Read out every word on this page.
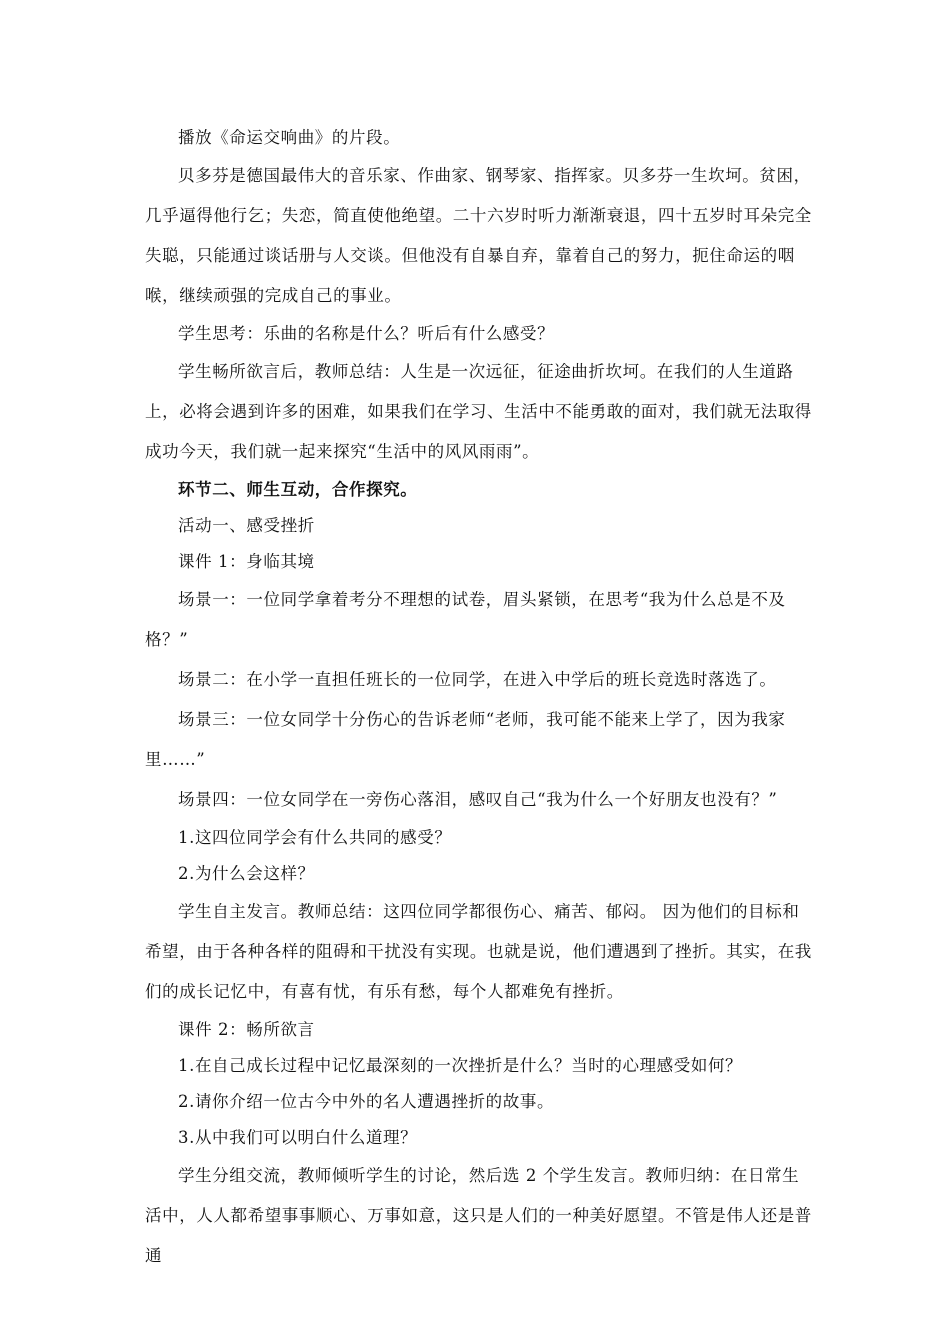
播放《命运交响曲》的片段。

贝多芬是德国最伟大的音乐家、作曲家、钢琴家、指挥家。贝多芬一生坎坷。贫困，几乎逼得他行乞；失恋，简直使他绝望。二十六岁时听力渐渐衰退，四十五岁时耳朵完全失聪，只能通过谈话册与人交谈。但他没有自暴自弃，靠着自己的努力，扼住命运的咽喉，继续顽强的完成自己的事业。

学生思考：乐曲的名称是什么？听后有什么感受？

学生畅所欲言后，教师总结：人生是一次远征，征途曲折坎坷。在我们的人生道路上，必将会遇到许多的困难，如果我们在学习、生活中不能勇敢的面对，我们就无法取得成功今天，我们就一起来探究“生活中的风风雨雨”。

环节二、师生互动，合作探究。

活动一、感受挫折

课件 1：身临其境

场景一：一位同学拿着考分不理想的试卷，眉头紧锁，在思考“我为什么总是不及格？”

场景二：在小学一直担任班长的一位同学，在进入中学后的班长竞选时落选了。

场景三：一位女同学十分伤心的告诉老师“老师，我可能不能来上学了，因为我家里……”

场景四：一位女同学在一旁伤心落泪，感叹自己“我为什么一个好朋友也没有？”

1.这四位同学会有什么共同的感受？

2.为什么会这样？

学生自主发言。教师总结：这四位同学都很伤心、痛苦、郁闷。 因为他们的目标和希望，由于各种各样的阻碍和干扰没有实现。也就是说，他们遭遇到了挫折。其实，在我们的成长记忆中，有喜有忧，有乐有愁，每个人都难免有挫折。

课件 2：畅所欲言

1.在自己成长过程中记忆最深刻的一次挫折是什么？当时的心理感受如何？

2.请你介绍一位古今中外的名人遭遇挫折的故事。

3.从中我们可以明白什么道理？

学生分组交流，教师倾听学生的讨论，然后选 2 个学生发言。教师归纳：在日常生活中，人人都希望事事顺心、万事如意，这只是人们的一种美好愿望。不管是伟人还是普通
